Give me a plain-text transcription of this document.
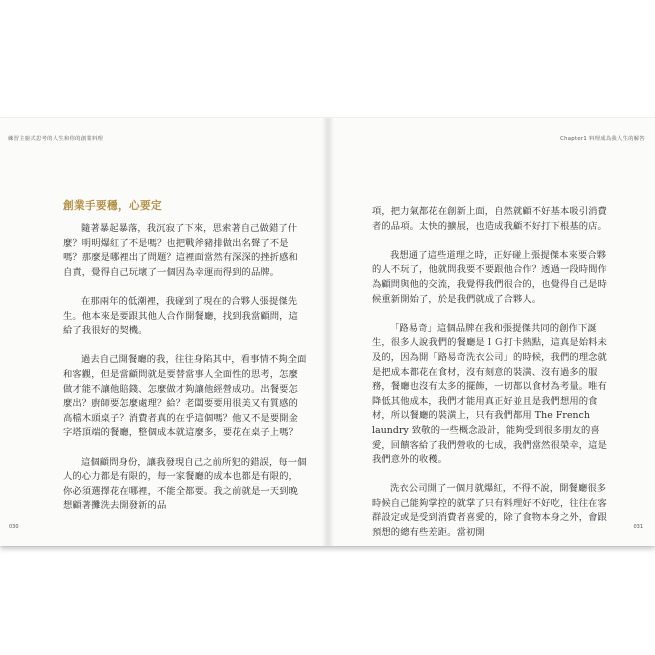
練習主廚式思考的人生和你的創業料理
創業手要穩，心要定

隨著暴起暴落，我沉寂了下來，思索著自己做錯了什麼？明明爆紅了不是嗎？也把戰斧豬排做出名聲了不是嗎？那麼是哪裡出了問題？這裡面當然有深深的挫折感和自責，覺得自己玩壞了一個因為幸運而得到的品牌。

在那兩年的低潮裡，我碰到了現在的合夥人張提傑先生。他本來是要跟其他人合作開餐廳，找到我當顧問，這給了我很好的契機。

過去自己開餐廳的我，往往身陷其中，看事情不夠全面和客觀，但是當顧問就是要替當事人全面性的思考，怎麼做才能不讓他賠錢、怎麼做才夠讓他經營成功。出餐要怎麼出？廚師要怎麼處理？給？老闆要要用很美又有質感的高檔木頭桌子？消費者真的在乎這個嗎？他又不是要開金字塔頂端的餐廳，整個成本就這麼多，要花在桌子上嗎？

這個顧問身份，讓我發現自己之前所犯的錯誤，每一個人的心力都是有限的，每一家餐廳的成本也都是有限的，你必須選擇花在哪裡，不能全都要。我之前就是一天到晚想顧著攤洗去開發新的品

030
Chapter1 料理成為我人生的解答

項，把力氣都花在創新上面，自然就顧不好基本吸引消費者的品項。太快的擴展，也造成我顧不好打下根基的店。

我想通了這些道理之時，正好碰上張提傑本來要合夥的人不玩了，他就問我要不要跟他合作？透過一段時間作為顧問與他的交流，我覺得我們很合的，也覺得自己是時候重新開始了，於是我們就成了合夥人。

「路易奇」這個品牌在我和張提傑共同的創作下誕生，很多人說我們的餐廳是ＩＧ打卡熱點，這真是始料未及的，因為開「路易奇洗衣公司」的時候，我們的理念就是把成本都花在食材，沒有刻意的裝潢、沒有過多的服務，餐廳也沒有太多的擺飾，一切都以食材為考量。唯有降低其他成本，我們才能用真正好並且是我們想用的食材，所以餐廳的裝潢上，只有我們都用 The French laundry 致敬的一些概念設計，能夠受到很多朋友的喜愛，回饋客給了我們營收的七成，我們當然很榮幸，這是我們意外的收穫。

洗衣公司開了一個月就爆紅，不得不說，開餐廳很多時候自己能夠掌控的就掌了只有料理好不好吃，往往在客群設定或是受到消費者喜愛的，除了食物本身之外，會跟預想的總有些差距。當初開

031
